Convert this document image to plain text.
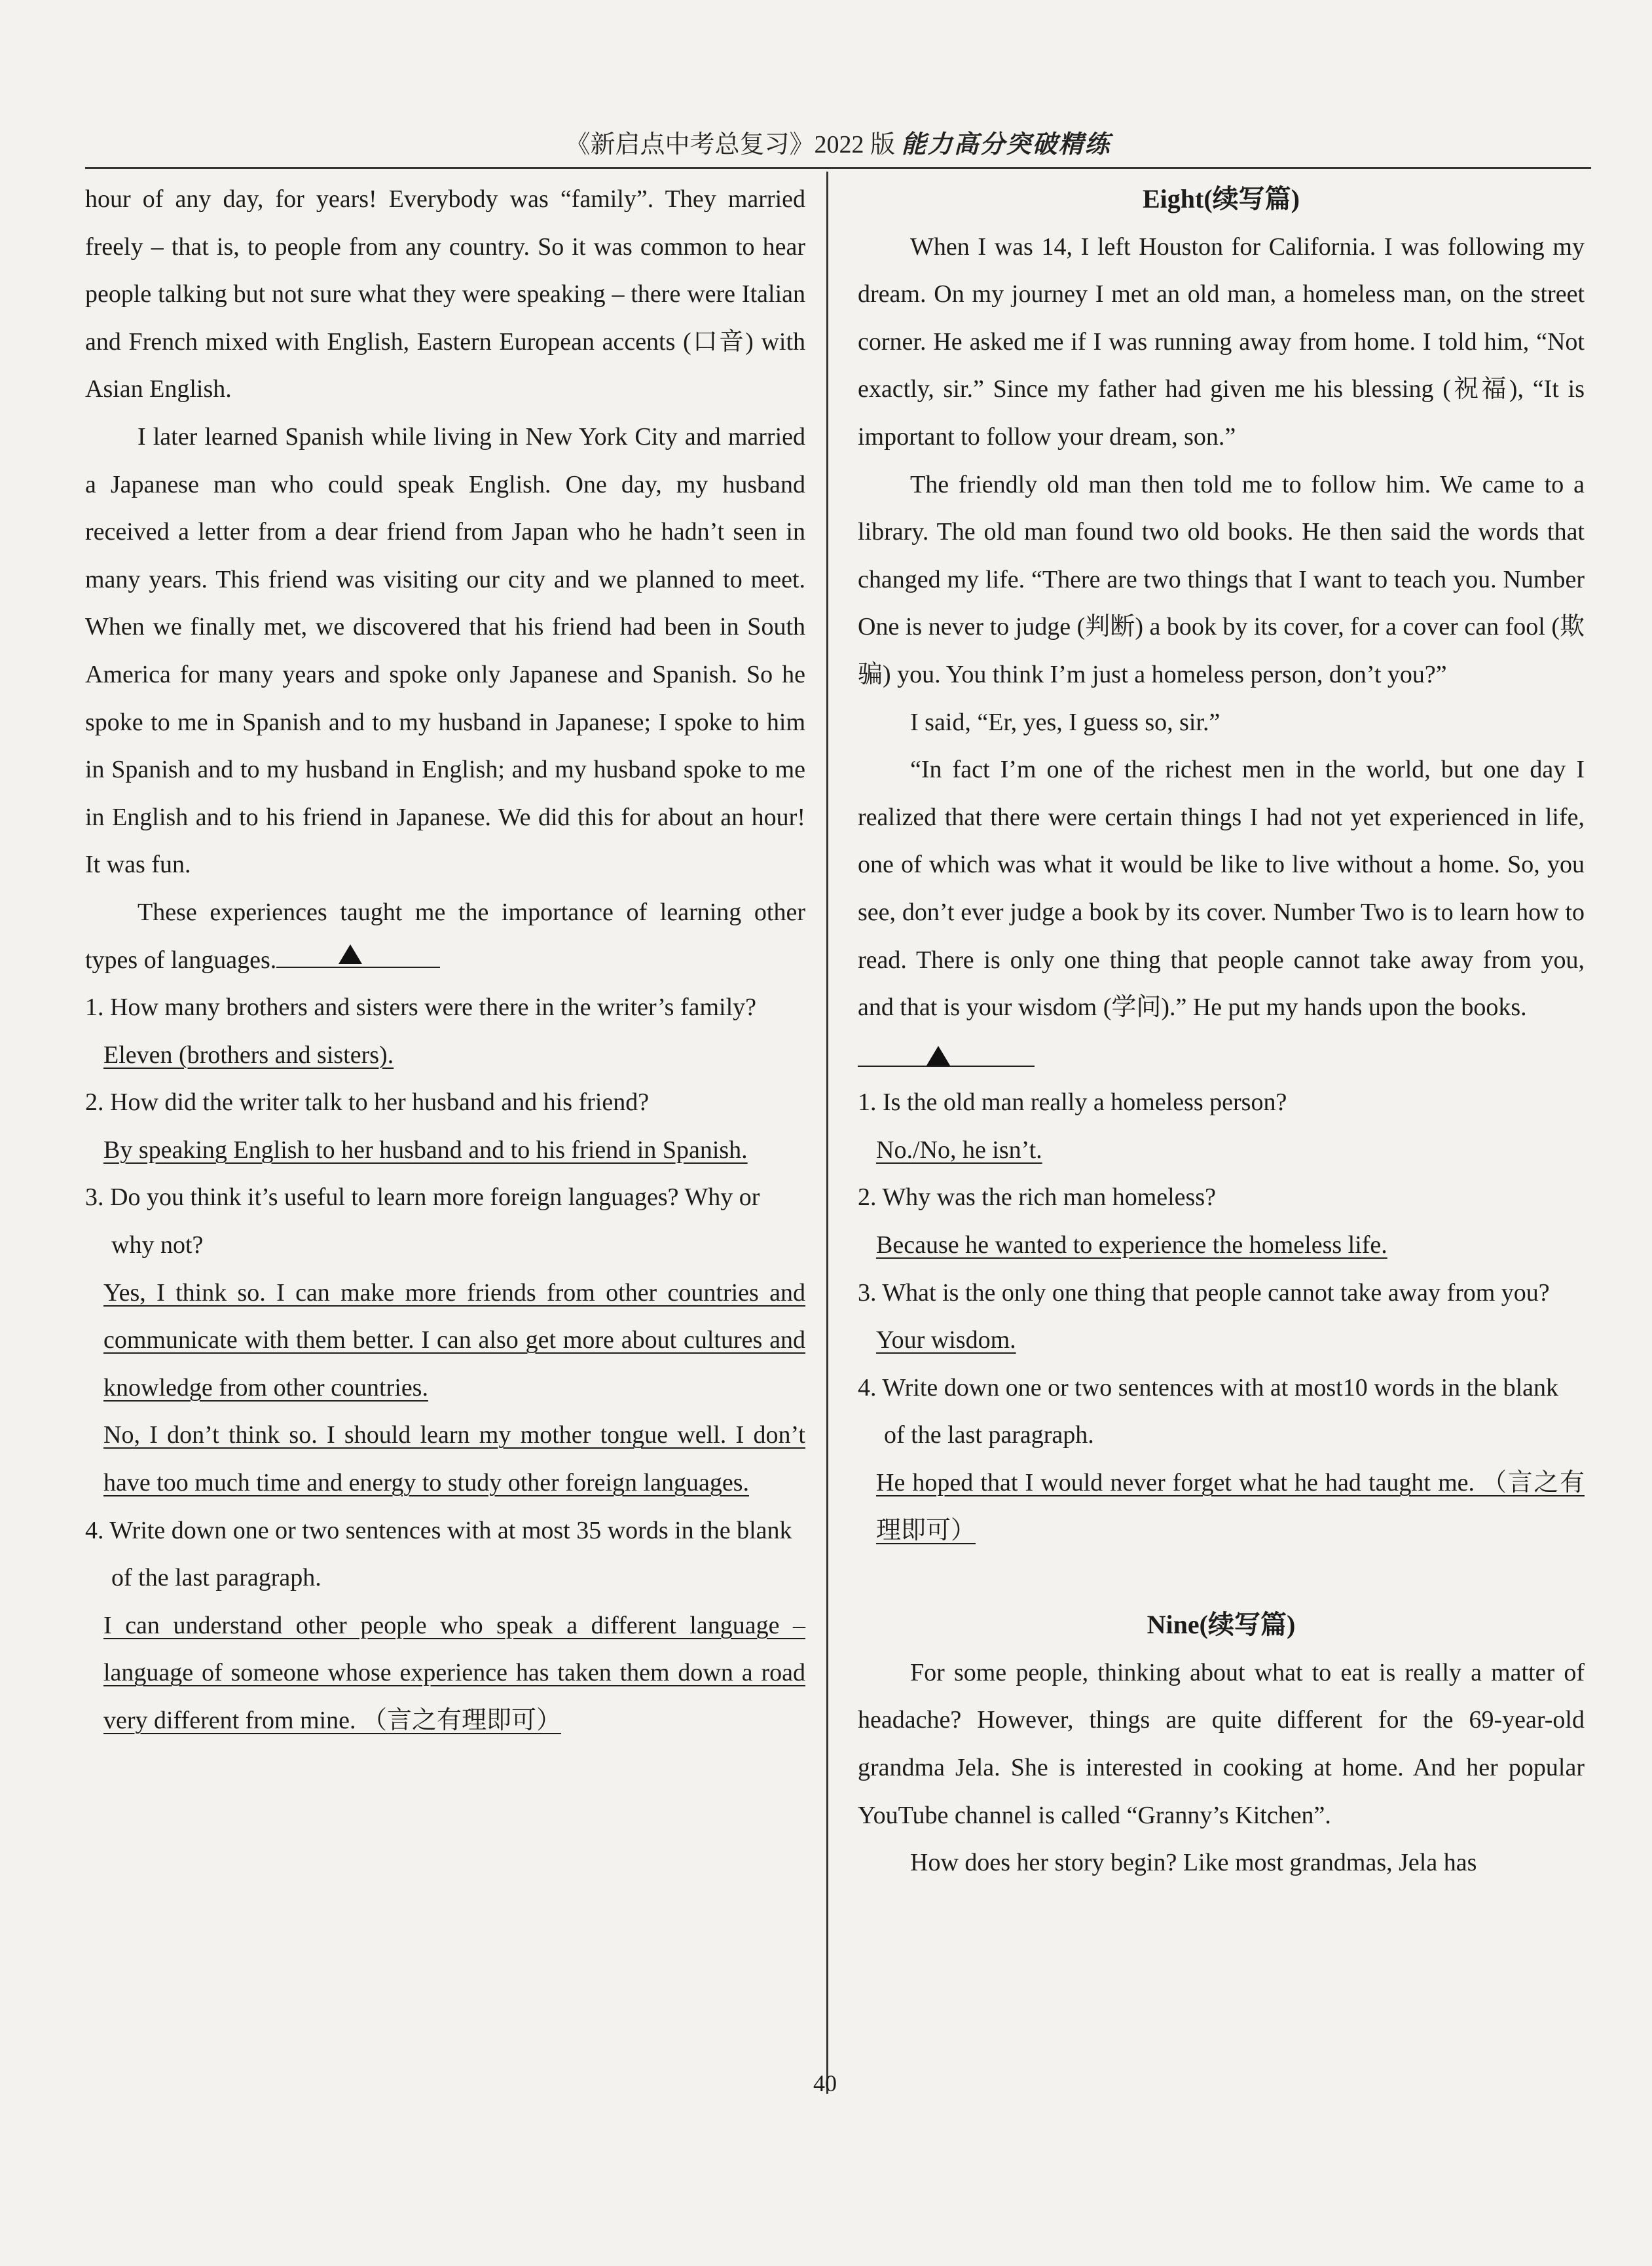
《新启点中考总复习》2022 版 能力高分突破精练

hour of any day, for years! Everybody was “family”. They married freely – that is, to people from any country. So it was common to hear people talking but not sure what they were speaking – there were Italian and French mixed with English, Eastern European accents (口音) with Asian English.

I later learned Spanish while living in New York City and married a Japanese man who could speak English. One day, my husband received a letter from a dear friend from Japan who he hadn’t seen in many years. This friend was visiting our city and we planned to meet. When we finally met, we discovered that his friend had been in South America for many years and spoke only Japanese and Spanish. So he spoke to me in Spanish and to my husband in Japanese; I spoke to him in Spanish and to my husband in English; and my husband spoke to me in English and to his friend in Japanese. We did this for about an hour! It was fun.

These experiences taught me the importance of learning other types of languages.

1. How many brothers and sisters were there in the writer’s family?

Eleven (brothers and sisters).

2. How did the writer talk to her husband and his friend?

By speaking English to her husband and to his friend in Spanish.

3. Do you think it’s useful to learn more foreign languages? Why or why not?

Yes, I think so. I can make more friends from other countries and communicate with them better. I can also get more about cultures and knowledge from other countries.

No, I don’t think so. I should learn my mother tongue well. I don’t have too much time and energy to study other foreign languages.

4. Write down one or two sentences with at most 35 words in the blank of the last paragraph.

I can understand other people who speak a different language – language of someone whose experience has taken them down a road very different from mine. （言之有理即可）

Eight(续写篇)

When I was 14, I left Houston for California. I was following my dream. On my journey I met an old man, a homeless man, on the street corner. He asked me if I was running away from home. I told him, “Not exactly, sir.” Since my father had given me his blessing (祝福), “It is important to follow your dream, son.”

The friendly old man then told me to follow him. We came to a library. The old man found two old books. He then said the words that changed my life. “There are two things that I want to teach you. Number One is never to judge (判断) a book by its cover, for a cover can fool (欺骗) you. You think I’m just a homeless person, don’t you?”

I said, “Er, yes, I guess so, sir.”

“In fact I’m one of the richest men in the world, but one day I realized that there were certain things I had not yet experienced in life, one of which was what it would be like to live without a home. So, you see, don’t ever judge a book by its cover. Number Two is to learn how to read. There is only one thing that people cannot take away from you, and that is your wisdom (学问).” He put my hands upon the books.

1. Is the old man really a homeless person?

No./No, he isn’t.

2. Why was the rich man homeless?

Because he wanted to experience the homeless life.

3. What is the only one thing that people cannot take away from you?

Your wisdom.

4. Write down one or two sentences with at most10 words in the blank of the last paragraph.

He hoped that I would never forget what he had taught me. （言之有理即可）

Nine(续写篇)

For some people, thinking about what to eat is really a matter of headache? However, things are quite different for the 69-year-old grandma Jela. She is interested in cooking at home. And her popular YouTube channel is called “Granny’s Kitchen”.

How does her story begin? Like most grandmas, Jela has

40
